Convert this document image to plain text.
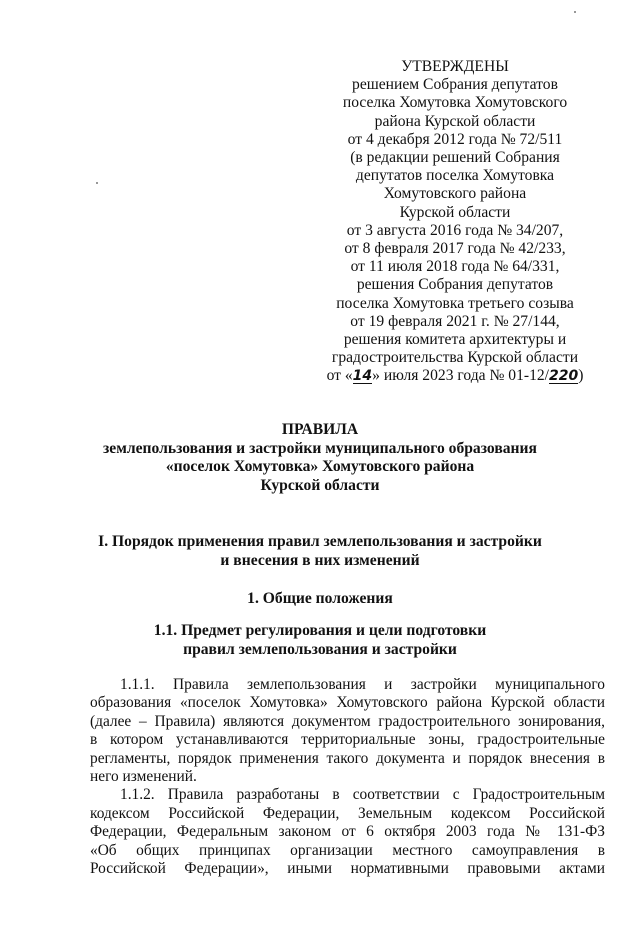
УТВЕРЖДЕНЫ
решением Собрания депутатов
поселка Хомутовка Хомутовского
района Курской области
от 4 декабря 2012 года № 72/511
(в редакции решений Собрания
депутатов поселка Хомутовка
Хомутовского района
Курской области
от 3 августа 2016 года № 34/207,
от 8 февраля 2017 года № 42/233,
от 11 июля 2018 года № 64/331,
решения Собрания депутатов
поселка Хомутовка третьего созыва
от 19 февраля 2021 г. № 27/144,
решения комитета архитектуры и
градостроительства Курской области
от «14» июля 2023 года № 01-12/220)
ПРАВИЛА
землепользования и застройки муниципального образования
«поселок Хомутовка» Хомутовского района
Курской области
I. Порядок применения правил землепользования и застройки
и внесения в них изменений
1. Общие положения
1.1. Предмет регулирования и цели подготовки
правил землепользования и застройки
1.1.1. Правила землепользования и застройки муниципального
образования «поселок Хомутовка» Хомутовского района Курской области
(далее – Правила) являются документом градостроительного зонирования,
в котором устанавливаются территориальные зоны, градостроительные
регламенты, порядок применения такого документа и порядок внесения в
него изменений.
1.1.2. Правила разработаны в соответствии с Градостроительным
кодексом Российской Федерации, Земельным кодексом Российской
Федерации, Федеральным законом от 6 октября 2003 года № 131-ФЗ
«Об общих принципах организации местного самоуправления в
Российской Федерации», иными нормативными правовыми актами
